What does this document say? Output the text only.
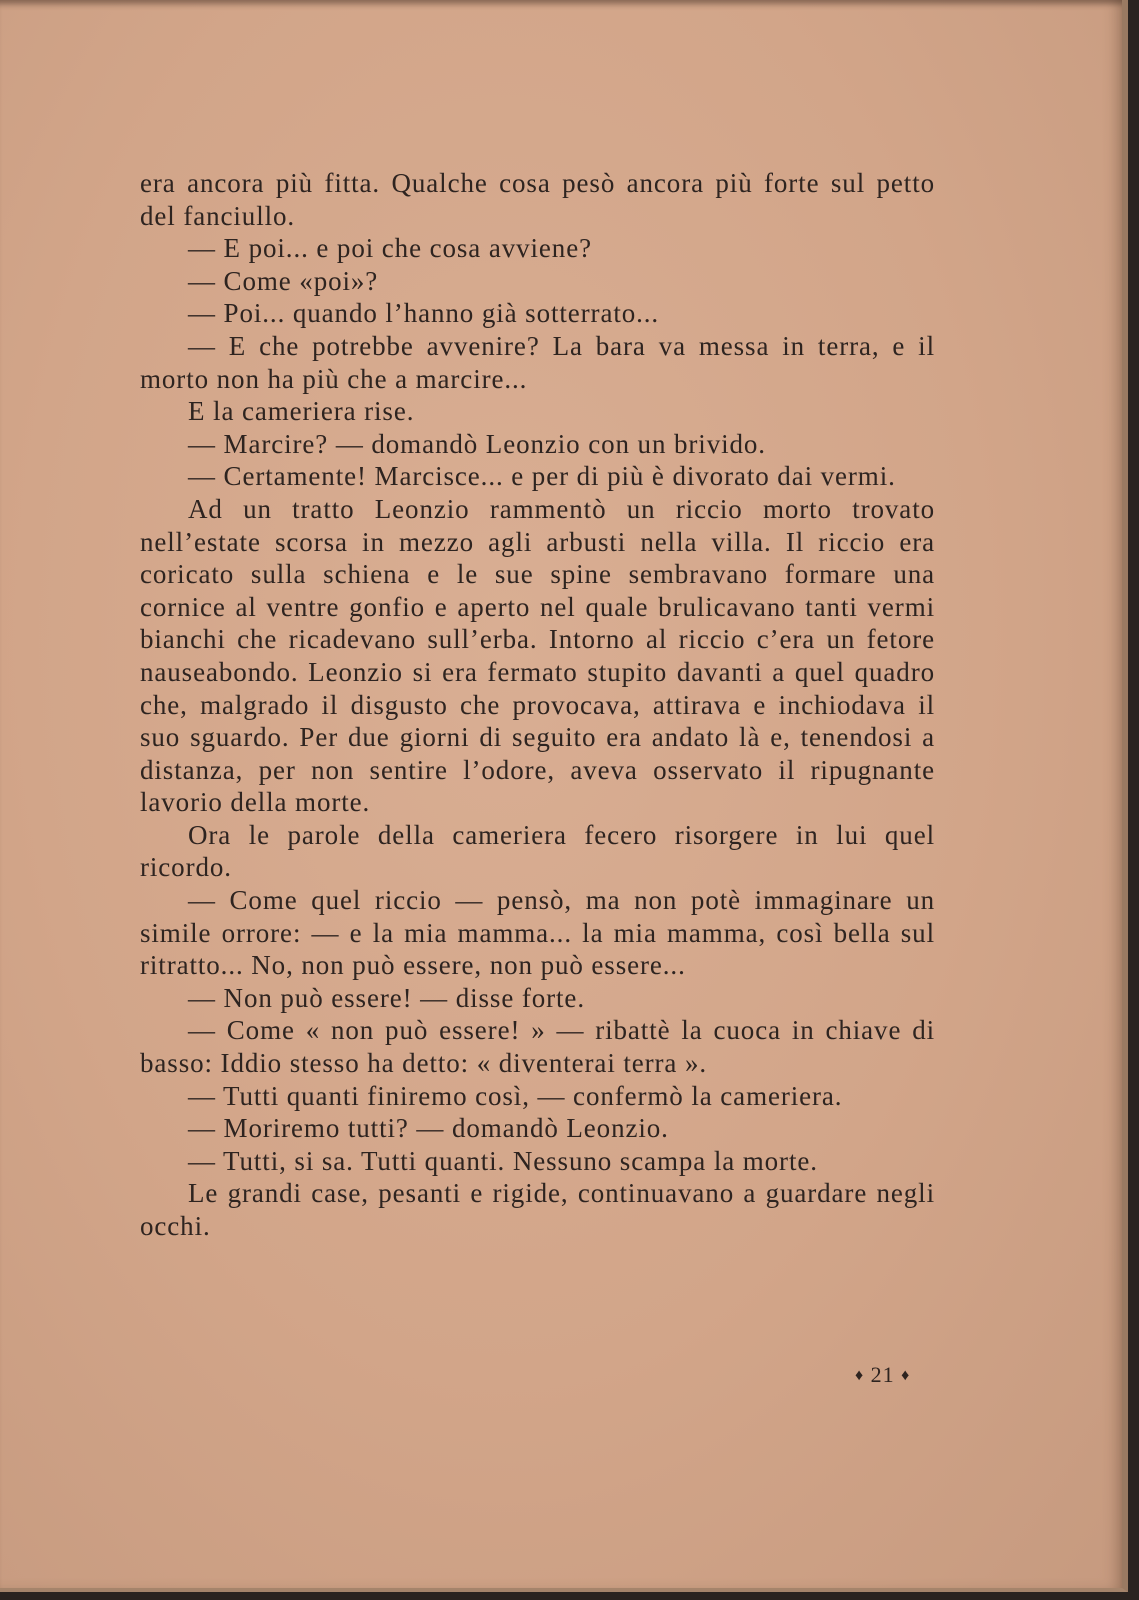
era ancora più fitta. Qualche cosa pesò ancora più forte sul petto del fanciullo.

— E poi... e poi che cosa avviene?

— Come «poi»?

— Poi... quando l’hanno già sotterrato...

— E che potrebbe avvenire? La bara va messa in terra, e il morto non ha più che a marcire...

E la cameriera rise.

— Marcire? — domandò Leonzio con un brivido.

— Certamente! Marcisce... e per di più è divorato dai vermi.

Ad un tratto Leonzio rammentò un riccio morto trovato nell’estate scorsa in mezzo agli arbusti nella villa. Il riccio era coricato sulla schiena e le sue spine sembravano formare una cornice al ventre gonfio e aperto nel quale brulicavano tanti vermi bianchi che ricadevano sull’erba. Intorno al riccio c’era un fetore nauseabondo. Leonzio si era fermato stupito davanti a quel quadro che, malgrado il disgusto che provocava, attirava e inchiodava il suo sguardo. Per due giorni di seguito era andato là e, tenendosi a distanza, per non sentire l’odore, aveva osservato il ripugnante lavorio della morte.

Ora le parole della cameriera fecero risorgere in lui quel ricordo.

— Come quel riccio — pensò, ma non potè immaginare un simile orrore: — e la mia mamma... la mia mamma, così bella sul ritratto... No, non può essere, non può essere...

— Non può essere! — disse forte.

— Come « non può essere! » — ribattè la cuoca in chiave di basso: Iddio stesso ha detto: « diventerai terra ».

— Tutti quanti finiremo così, — confermò la cameriera.

— Moriremo tutti? — domandò Leonzio.

— Tutti, si sa. Tutti quanti. Nessuno scampa la morte.

Le grandi case, pesanti e rigide, continuavano a guardare negli occhi.

♦ 21 ♦
